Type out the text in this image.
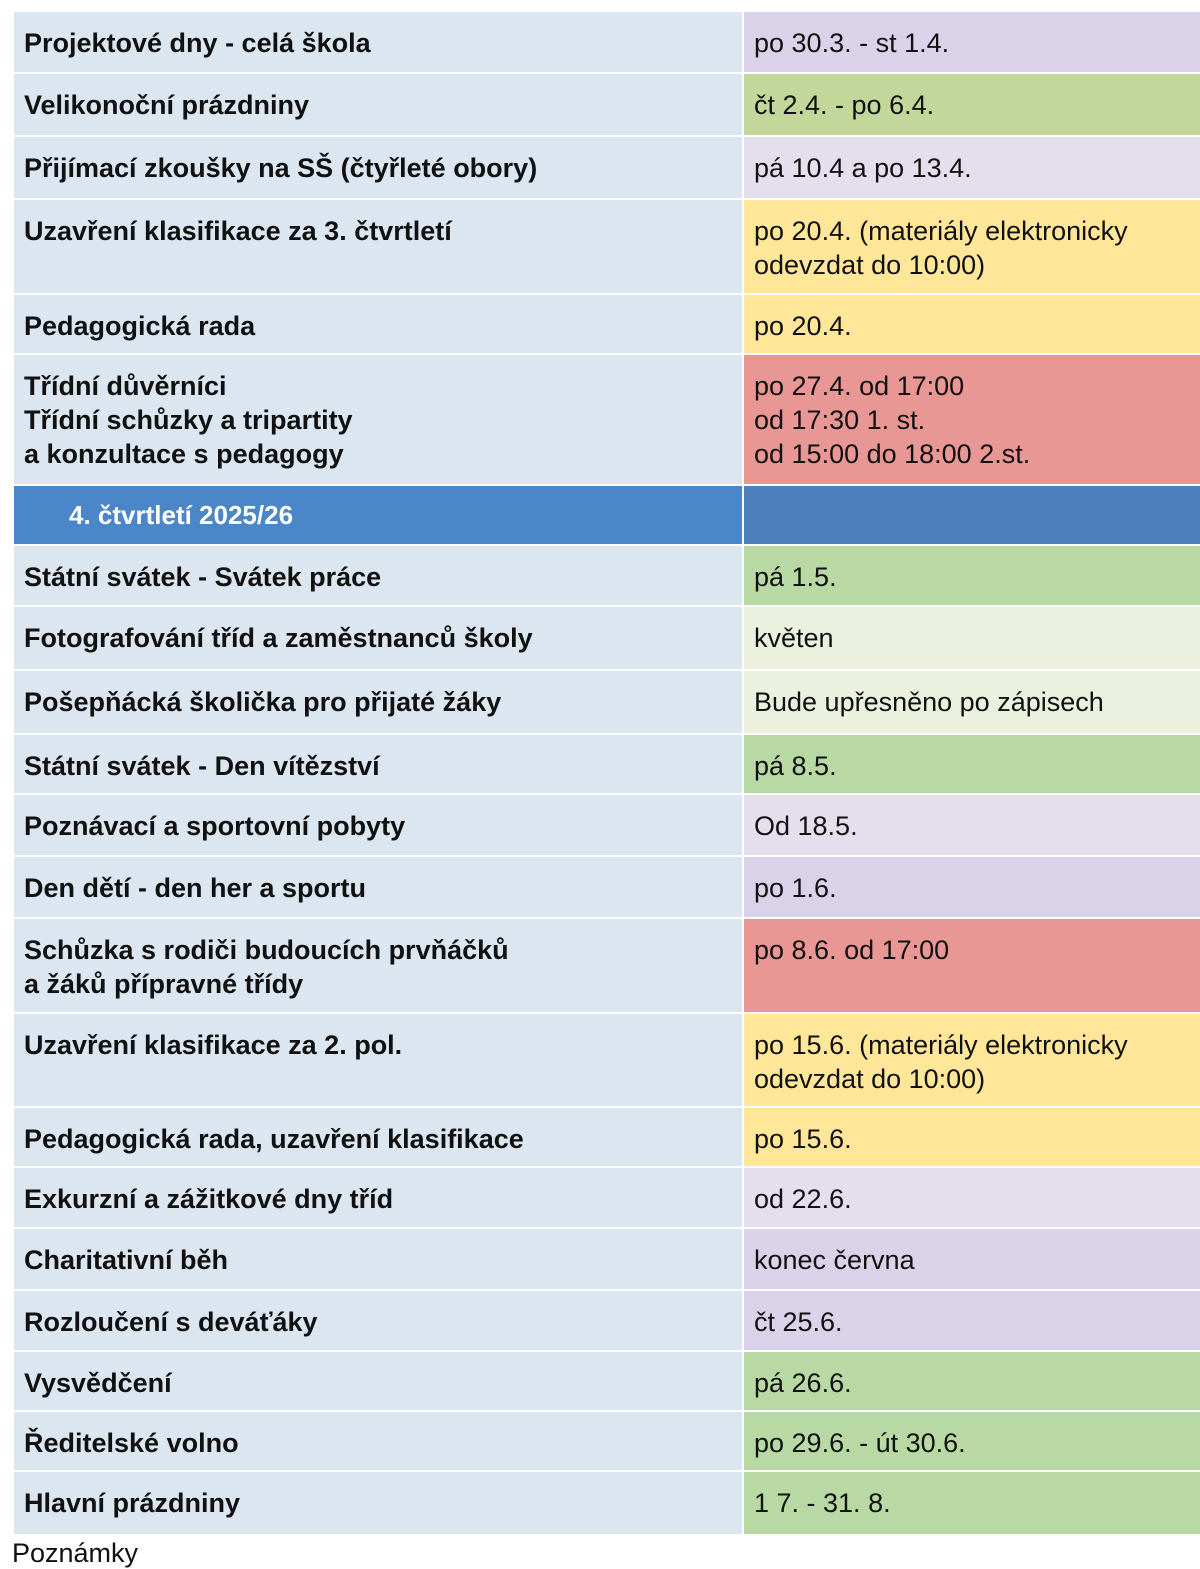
Projektové dny - celá škola	po 30.3. - st 1.4.
Velikonoční prázdniny	čt 2.4. - po 6.4.
Přijímací zkoušky na SŠ (čtyřleté obory)	pá 10.4 a po 13.4.
Uzavření klasifikace za 3. čtvrtletí	po 20.4. (materiály elektronicky
odevzdat do 10:00)
Pedagogická rada	po 20.4.
Třídní důvěrníci
Třídní schůzky a tripartity
a konzultace s pedagogy	po 27.4. od 17:00
od 17:30 1. st.
od 15:00 do 18:00 2.st.
4. čtvrtletí 2025/26	
Státní svátek - Svátek práce	pá 1.5.
Fotografování tříd a zaměstnanců školy	květen
Pošepňácká školička pro přijaté žáky	Bude upřesněno po zápisech
Státní svátek - Den vítězství	pá 8.5.
Poznávací a sportovní pobyty	Od 18.5.
Den dětí - den her a sportu	po 1.6.
Schůzka s rodiči budoucích prvňáčků
a žáků přípravné třídy	po 8.6. od 17:00
Uzavření klasifikace za 2. pol.	po 15.6. (materiály elektronicky
odevzdat do 10:00)
Pedagogická rada, uzavření klasifikace	po 15.6.
Exkurzní a zážitkové dny tříd	od 22.6.
Charitativní běh	konec června
Rozloučení s deváťáky	čt 25.6.
Vysvědčení	pá 26.6.
Ředitelské volno	po 29.6. - út 30.6.
Hlavní prázdniny	1 7. - 31. 8.
Poznámky
